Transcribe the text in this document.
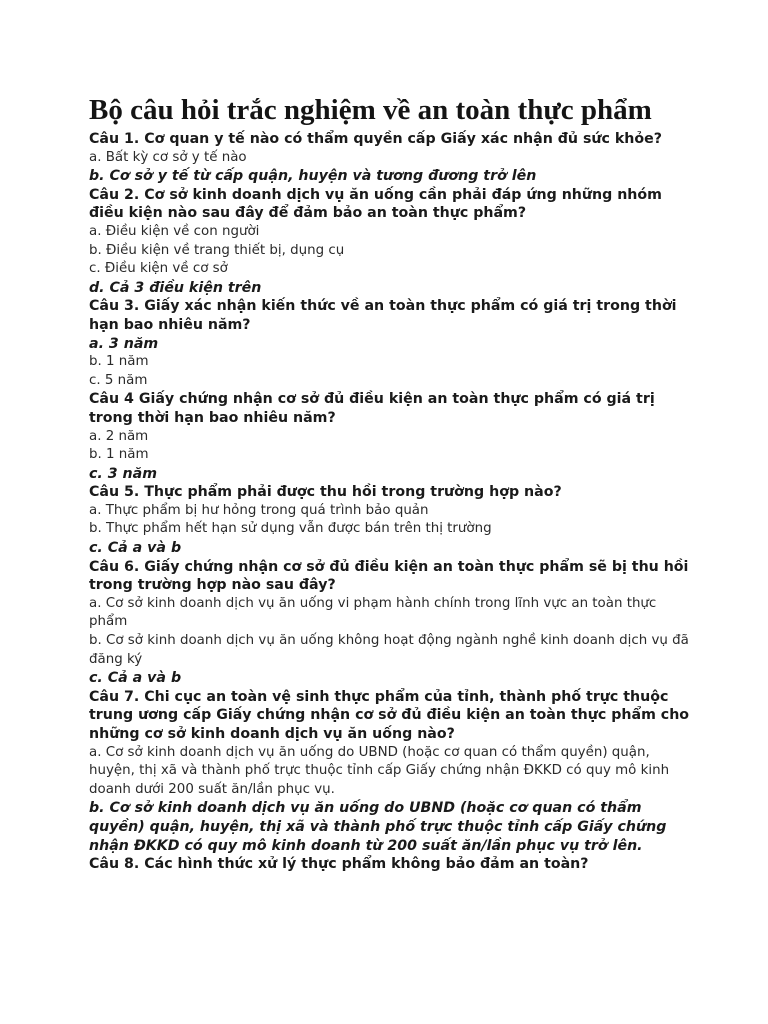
Bộ câu hỏi trắc nghiệm về an toàn thực phẩm

Câu 1. Cơ quan y tế nào có thẩm quyền cấp Giấy xác nhận đủ sức khỏe?

a. Bất kỳ cơ sở y tế nào

b. Cơ sở y tế từ cấp quận, huyện và tương đương trở lên

Câu 2. Cơ sở kinh doanh dịch vụ ăn uống cần phải đáp ứng những nhóm điều kiện nào sau đây để đảm bảo an toàn thực phẩm?

a. Điều kiện về con người

b. Điều kiện về trang thiết bị, dụng cụ

c. Điều kiện về cơ sở

d. Cả 3 điều kiện trên

Câu 3. Giấy xác nhận kiến thức về an toàn thực phẩm có giá trị trong thời hạn bao nhiêu năm?

a. 3 năm

b. 1 năm

c. 5 năm

Câu 4 Giấy chứng nhận cơ sở đủ điều kiện an toàn thực phẩm có giá trị trong thời hạn bao nhiêu năm?

a. 2 năm

b. 1 năm

c. 3 năm

Câu 5. Thực phẩm phải được thu hồi trong trường hợp nào?

a. Thực phẩm bị hư hỏng trong quá trình bảo quản

b. Thực phẩm hết hạn sử dụng vẫn được bán trên thị trường

c. Cả a và b

Câu 6. Giấy chứng nhận cơ sở đủ điều kiện an toàn thực phẩm sẽ bị thu hồi trong trường hợp nào sau đây?

a. Cơ sở kinh doanh dịch vụ ăn uống vi phạm hành chính trong lĩnh vực an toàn thực phẩm

b. Cơ sở kinh doanh dịch vụ ăn uống không hoạt động ngành nghề kinh doanh dịch vụ đã đăng ký

c. Cả a và b

Câu 7. Chi cục an toàn vệ sinh thực phẩm của tỉnh, thành phố trực thuộc trung ương cấp Giấy chứng nhận cơ sở đủ điều kiện an toàn thực phẩm cho những cơ sở kinh doanh dịch vụ ăn uống nào?

a. Cơ sở kinh doanh dịch vụ ăn uống do UBND (hoặc cơ quan có thẩm quyền) quận, huyện, thị xã và thành phố trực thuộc tỉnh cấp Giấy chứng nhận ĐKKD có quy mô kinh doanh dưới 200 suất ăn/lần phục vụ.

b. Cơ sở kinh doanh dịch vụ ăn uống do UBND (hoặc cơ quan có thẩm quyền) quận, huyện, thị xã và thành phố trực thuộc tỉnh cấp Giấy chứng nhận ĐKKD có quy mô kinh doanh từ 200 suất ăn/lần phục vụ trở lên.

Câu 8. Các hình thức xử lý thực phẩm không bảo đảm an toàn?
